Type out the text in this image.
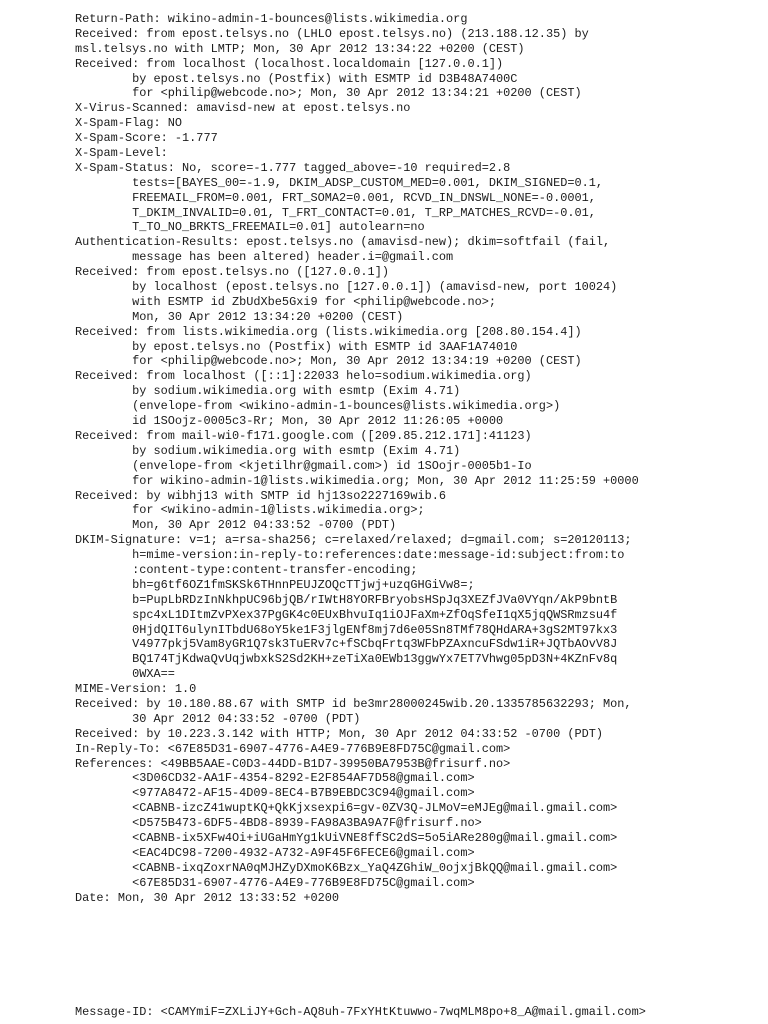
Return-Path: wikino-admin-1-bounces@lists.wikimedia.org
Received: from epost.telsys.no (LHLO epost.telsys.no) (213.188.12.35) by
msl.telsys.no with LMTP; Mon, 30 Apr 2012 13:34:22 +0200 (CEST)
Received: from localhost (localhost.localdomain [127.0.0.1])
by epost.telsys.no (Postfix) with ESMTP id D3B48A7400C
for <philip@webcode.no>; Mon, 30 Apr 2012 13:34:21 +0200 (CEST)
X-Virus-Scanned: amavisd-new at epost.telsys.no
X-Spam-Flag: NO
X-Spam-Score: -1.777
X-Spam-Level:
X-Spam-Status: No, score=-1.777 tagged_above=-10 required=2.8
tests=[BAYES_00=-1.9, DKIM_ADSP_CUSTOM_MED=0.001, DKIM_SIGNED=0.1,
FREEMAIL_FROM=0.001, FRT_SOMA2=0.001, RCVD_IN_DNSWL_NONE=-0.0001,
T_DKIM_INVALID=0.01, T_FRT_CONTACT=0.01, T_RP_MATCHES_RCVD=-0.01,
T_TO_NO_BRKTS_FREEMAIL=0.01] autolearn=no
Authentication-Results: epost.telsys.no (amavisd-new); dkim=softfail (fail,
message has been altered) header.i=@gmail.com
Received: from epost.telsys.no ([127.0.0.1])
by localhost (epost.telsys.no [127.0.0.1]) (amavisd-new, port 10024)
with ESMTP id ZbUdXbe5Gxi9 for <philip@webcode.no>;
Mon, 30 Apr 2012 13:34:20 +0200 (CEST)
Received: from lists.wikimedia.org (lists.wikimedia.org [208.80.154.4])
by epost.telsys.no (Postfix) with ESMTP id 3AAF1A74010
for <philip@webcode.no>; Mon, 30 Apr 2012 13:34:19 +0200 (CEST)
Received: from localhost ([::1]:22033 helo=sodium.wikimedia.org)
by sodium.wikimedia.org with esmtp (Exim 4.71)
(envelope-from <wikino-admin-1-bounces@lists.wikimedia.org>)
id 1SOojz-0005c3-Rr; Mon, 30 Apr 2012 11:26:05 +0000
Received: from mail-wi0-f171.google.com ([209.85.212.171]:41123)
by sodium.wikimedia.org with esmtp (Exim 4.71)
(envelope-from <kjetilhr@gmail.com>) id 1SOojr-0005b1-Io
for wikino-admin-1@lists.wikimedia.org; Mon, 30 Apr 2012 11:25:59 +0000
Received: by wibhj13 with SMTP id hj13so2227169wib.6
for <wikino-admin-1@lists.wikimedia.org>;
Mon, 30 Apr 2012 04:33:52 -0700 (PDT)
DKIM-Signature: v=1; a=rsa-sha256; c=relaxed/relaxed; d=gmail.com; s=20120113;
h=mime-version:in-reply-to:references:date:message-id:subject:from:to
:content-type:content-transfer-encoding;
bh=g6tf6OZ1fmSKSk6THnnPEUJZOQcTTjwj+uzqGHGiVw8=;
b=PupLbRDzInNkhpUC96bjQB/rIWtH8YORFBryobsHSpJq3XEZfJVa0VYqn/AkP9bntB
spc4xL1DItmZvPXex37PgGK4c0EUxBhvuIq1iOJFaXm+ZfOqSfeI1qX5jqQWSRmzsu4f
0HjdQIT6ulynITbdU68oY5ke1F3jlgENf8mj7d6e05Sn8TMf78QHdARA+3gS2MT97kx3
V4977pkj5Vam8yGR1Q7sk3TuERv7c+fSCbqFrtq3WFbPZAxncuFSdw1iR+JQTbAOvV8J
BQ174TjKdwaQvUqjwbxkS2Sd2KH+zeTiXa0EWb13ggwYx7ET7Vhwg05pD3N+4KZnFv8q
0WXA==
MIME-Version: 1.0
Received: by 10.180.88.67 with SMTP id be3mr28000245wib.20.1335785632293; Mon,
30 Apr 2012 04:33:52 -0700 (PDT)
Received: by 10.223.3.142 with HTTP; Mon, 30 Apr 2012 04:33:52 -0700 (PDT)
In-Reply-To: <67E85D31-6907-4776-A4E9-776B9E8FD75C@gmail.com>
References: <49BB5AAE-C0D3-44DD-B1D7-39950BA7953B@frisurf.no>
<3D06CD32-AA1F-4354-8292-E2F854AF7D58@gmail.com>
<977A8472-AF15-4D09-8EC4-B7B9EBDC3C94@gmail.com>
<CABNB-izcZ41wuptKQ+QkKjxsexpi6=gv-0ZV3Q-JLMoV=eMJEg@mail.gmail.com>
<D575B473-6DF5-4BD8-8939-FA98A3BA9A7F@frisurf.no>
<CABNB-ix5XFw4Oi+iUGaHmYg1kUiVNE8ffSC2dS=5o5iARe280g@mail.gmail.com>
<EAC4DC98-7200-4932-A732-A9F45F6FECE6@gmail.com>
<CABNB-ixqZoxrNA0qMJHZyDXmoK6Bzx_YaQ4ZGhiW_0ojxjBkQQ@mail.gmail.com>
<67E85D31-6907-4776-A4E9-776B9E8FD75C@gmail.com>
Date: Mon, 30 Apr 2012 13:33:52 +0200
Message-ID: <CAMYmiF=ZXLiJY+Gch-AQ8uh-7FxYHtKtuwwo-7wqMLM8po+8_A@mail.gmail.com>
